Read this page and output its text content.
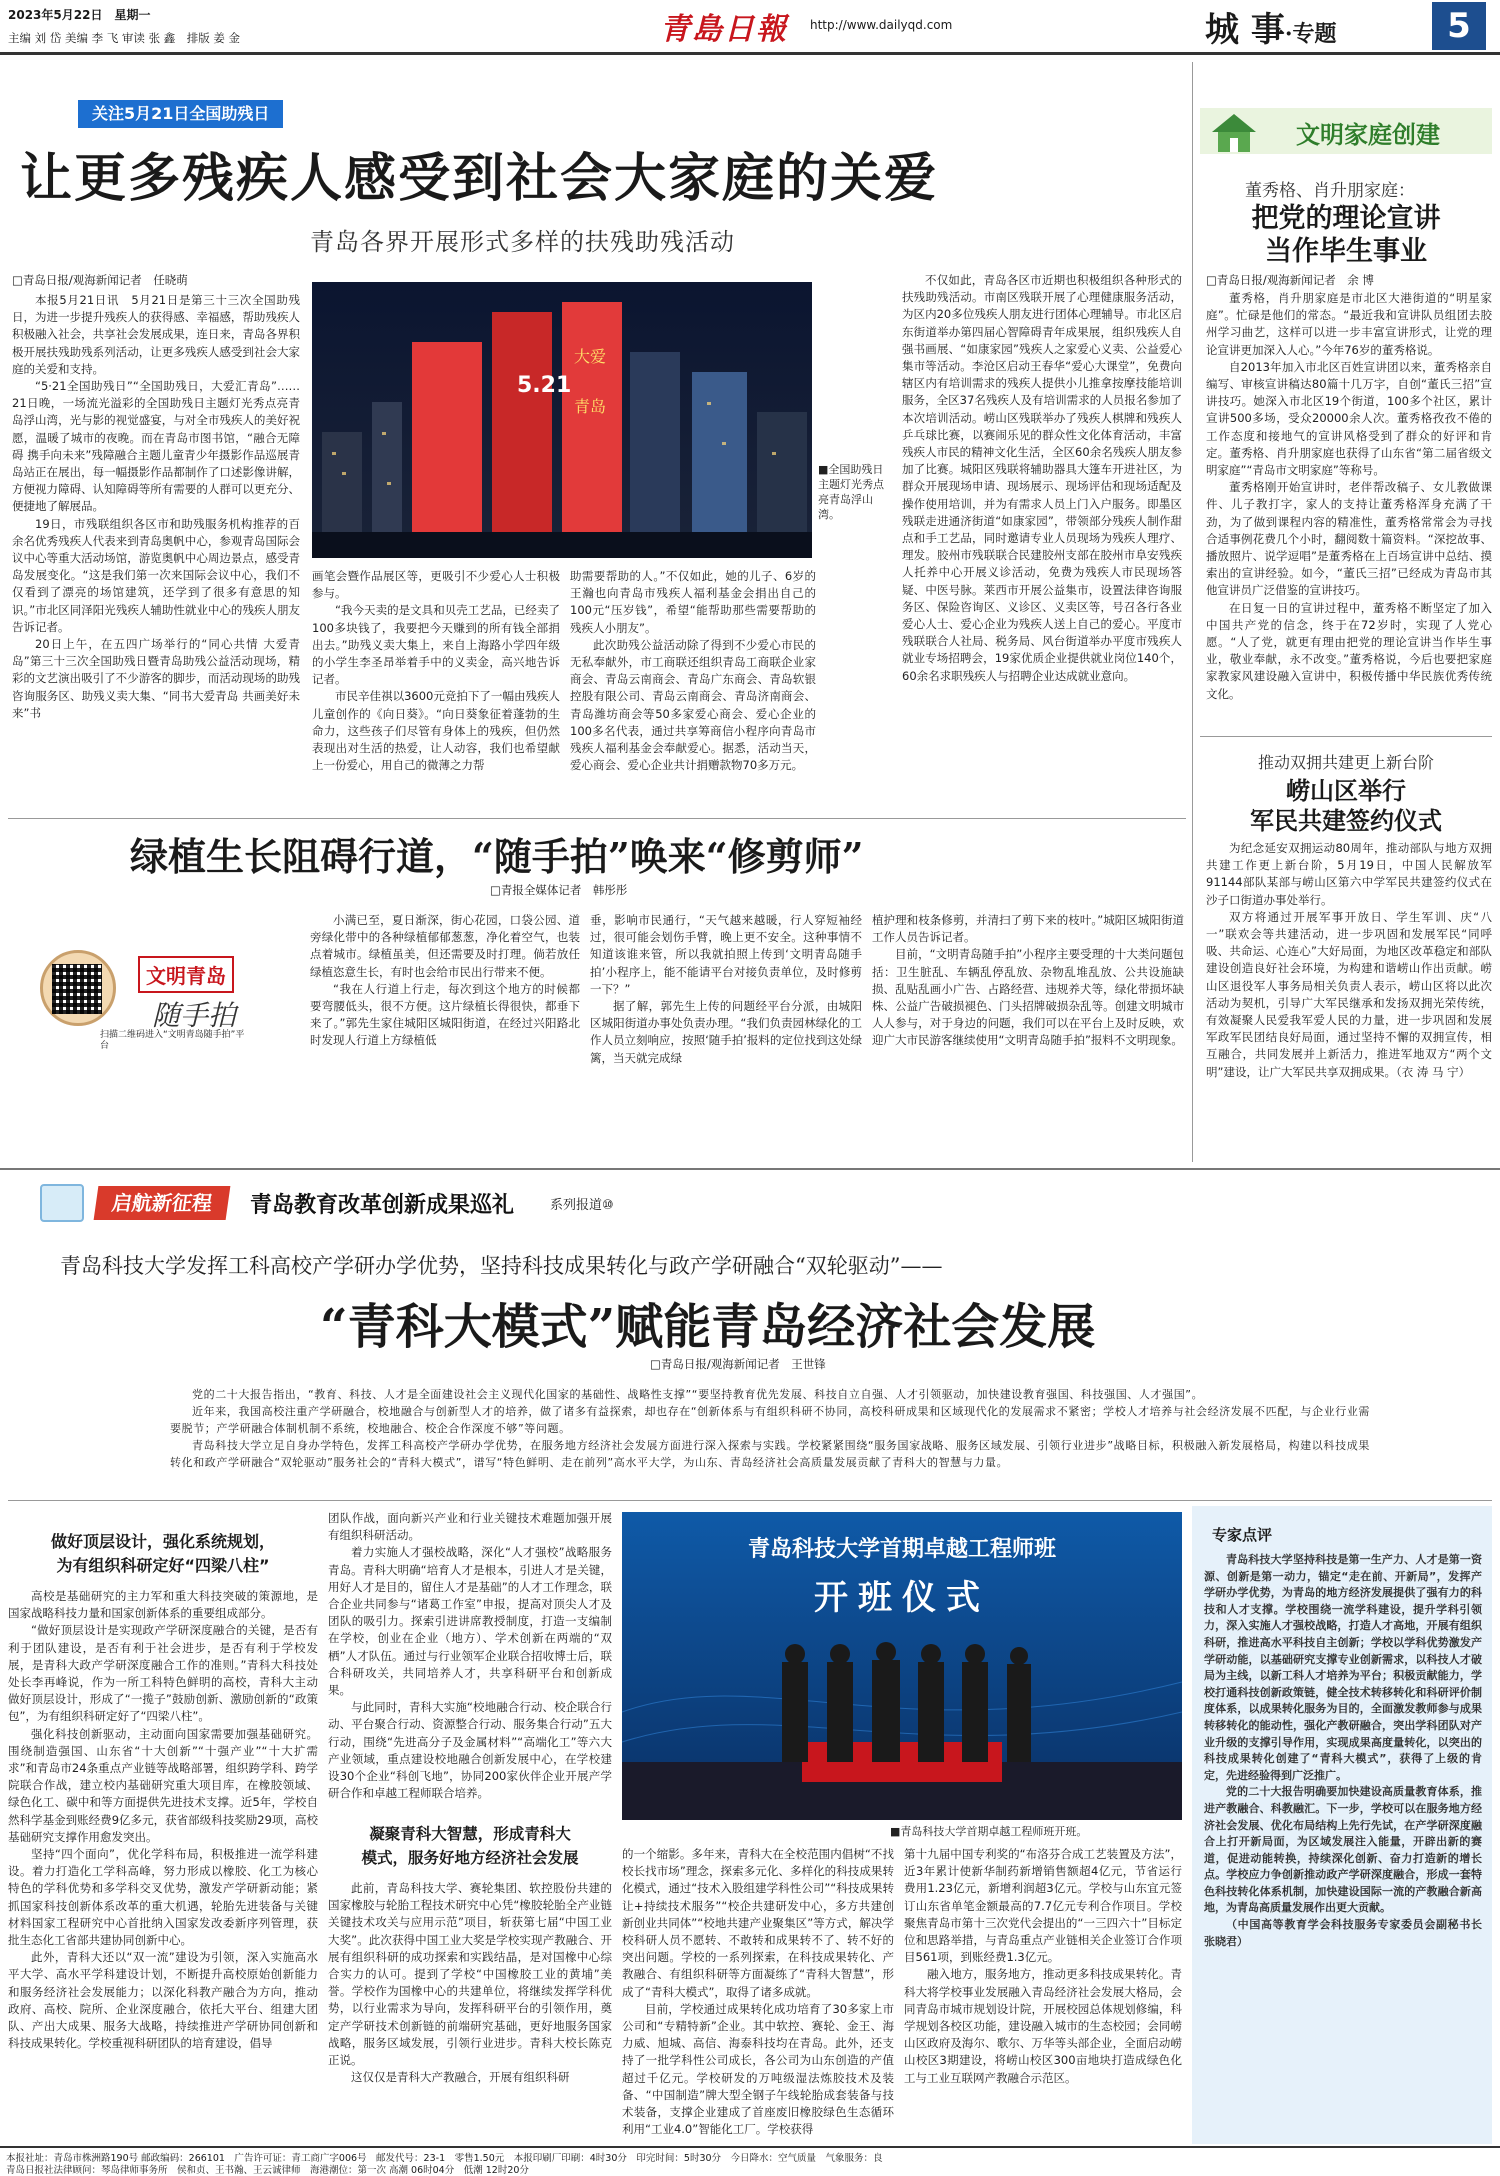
2023年5月22日　星期一
主编 刘 岱 美编 李 飞 审读 张 鑫　排版 姜 金	青島日報 http://www.dailyqd.com	城 事·专题	5
关注5月21日全国助残日
让更多残疾人感受到社会大家庭的关爱
青岛各界开展形式多样的扶残助残活动
□青岛日报/观海新闻记者　任晓萌

本报5月21日讯　5月21日是第三十三次全国助残日，为进一步提升残疾人的获得感、幸福感，帮助残疾人积极融入社会，共享社会发展成果，连日来，青岛各界积极开展扶残助残系列活动，让更多残疾人感受到社会大家庭的关爱和支持。

“5·21全国助残日”“全国助残日，大爱汇青岛”……21日晚，一场流光溢彩的全国助残日主题灯光秀点亮青岛浮山湾，光与影的视觉盛宴，与对全市残疾人的美好祝愿，温暖了城市的夜晚。而在青岛市图书馆，“融合无障碍 携手向未来”残障融合主题儿童青少年摄影作品巡展青岛站正在展出，每一幅摄影作品都制作了口述影像讲解，方便视力障碍、认知障碍等所有需要的人群可以更充分、便捷地了解展品。

19日，市残联组织各区市和助残服务机构推荐的百余名优秀残疾人代表来到青岛奥帆中心，参观青岛国际会议中心等重大活动场馆，游览奥帆中心周边景点，感受青岛发展变化。“这是我们第一次来国际会议中心，我们不仅看到了漂亮的场馆建筑，还学到了很多有意思的知识。”市北区同泽阳光残疾人辅助性就业中心的残疾人朋友告诉记者。

20日上午，在五四广场举行的“同心共情 大爱青岛”第三十三次全国助残日暨青岛助残公益活动现场，精彩的文艺演出吸引了不少游客的脚步，而活动现场的助残咨询服务区、助残义卖大集、“同书大爱青岛 共画美好未来”书

5.21
大爱
青岛
■全国助残日主题灯光秀点亮青岛浮山湾。

画笔会暨作品展区等，更吸引不少爱心人士积极参与。

“我今天卖的是文具和贝壳工艺品，已经卖了100多块钱了，我要把今天赚到的所有钱全部捐出去。”助残义卖大集上，来自上海路小学四年级的小学生李圣昂举着手中的义卖金，高兴地告诉记者。

市民辛佳祺以3600元竞拍下了一幅由残疾人儿童创作的《向日葵》。“向日葵象征着蓬勃的生命力，这些孩子们尽管有身体上的残疾，但仍然表现出对生活的热爱，让人动容，我们也希望献上一份爱心，用自己的微薄之力帮

助需要帮助的人。”不仅如此，她的儿子、6岁的王瀚也向青岛市残疾人福利基金会捐出自己的100元“压岁钱”，希望“能帮助那些需要帮助的残疾人小朋友”。

此次助残公益活动除了得到不少爱心市民的无私奉献外，市工商联还组织青岛工商联企业家商会、青岛云南商会、青岛广东商会、青岛软银控股有限公司、青岛云南商会、青岛济南商会、青岛潍坊商会等50多家爱心商会、爱心企业的100多名代表，通过共享筹商信小程序向青岛市残疾人福利基金会奉献爱心。据悉，活动当天，爱心商会、爱心企业共计捐赠款物70多万元。

不仅如此，青岛各区市近期也积极组织各种形式的扶残助残活动。市南区残联开展了心理健康服务活动，为区内20多位残疾人朋友进行团体心理辅导。市北区启东街道举办第四届心智障碍青年成果展，组织残疾人自强书画展、“如康家园”残疾人之家爱心义卖、公益爱心集市等活动。李沧区启动王春华“爱心大课堂”，免费向辖区内有培训需求的残疾人提供小儿推拿按摩技能培训服务，全区37名残疾人及有培训需求的人员报名参加了本次培训活动。崂山区残联举办了残疾人棋牌和残疾人乒乓球比赛，以赛闹乐见的群众性文化体育活动，丰富残疾人市民的精神文化生活，全区60余名残疾人朋友参加了比赛。城阳区残联将辅助器具大篷车开进社区，为群众开展现场申请、现场展示、现场评估和现场适配及操作使用培训，并为有需求人员上门入户服务。即墨区残联走进通济街道“如康家园”，带领部分残疾人制作甜点和手工艺品，同时邀请专业人员现场为残疾人理疗、理发。胶州市残联联合民建胶州支部在胶州市阜安残疾人托养中心开展义诊活动，免费为残疾人市民现场答疑、中医号脉。莱西市开展公益集市，设置法律咨询服务区、保险咨询区、义诊区、义卖区等，号召各行各业爱心人士、爱心企业为残疾人送上自己的爱心。平度市残联联合人社局、税务局、风台街道举办平度市残疾人就业专场招聘会，19家优质企业提供就业岗位140个，60余名求职残疾人与招聘企业达成就业意向。

文明家庭创建
董秀格、肖升朋家庭：
把党的理论宣讲
当作毕生事业
□青岛日报/观海新闻记者　余 博

董秀格，肖升朋家庭是市北区大港街道的“明星家庭”。忙碌是他们的常态。“最近我和宣讲队员组团去胶州学习曲艺，这样可以进一步丰富宣讲形式，让党的理论宣讲更加深入人心。”今年76岁的董秀格说。

自2013年加入市北区百姓宣讲团以来，董秀格亲自编写、审核宣讲稿达80篇十几万字，自创“董氏三招”宣讲技巧。她深入市北区19个街道，100多个社区，累计宣讲500多场，受众20000余人次。董秀格孜孜不倦的工作态度和接地气的宣讲风格受到了群众的好评和肯定。董秀格、肖升朋家庭也获得了山东省“第二届省级文明家庭”“青岛市文明家庭”等称号。

董秀格刚开始宣讲时，老伴帮改稿子、女儿教做课件、儿子教打字，家人的支持让董秀格浑身充满了干劲，为了做到课程内容的精准性，董秀格常常会为寻找合适事例花费几个小时，翻阅数十篇资料。“深挖故事、播放照片、说学逗唱”是董秀格在上百场宣讲中总结、摸索出的宣讲经验。如今，“董氏三招”已经成为青岛市其他宣讲员广泛借鉴的宣讲技巧。

在日复一日的宣讲过程中，董秀格不断坚定了加入中国共产党的信念，终于在72岁时，实现了人党心愿。“人了党，就更有理由把党的理论宣讲当作毕生事业，敬业奉献，永不改变。”董秀格说，今后也要把家庭家教家风建设融入宣讲中，积极传播中华民族优秀传统文化。

推动双拥共建更上新台阶
崂山区举行
军民共建签约仪式

为纪念延安双拥运动80周年，推动部队与地方双拥共建工作更上新台阶，5月19日，中国人民解放军91144部队某部与崂山区第六中学军民共建签约仪式在沙子口街道办事处举行。

双方将通过开展军事开放日、学生军训、庆“八一”联欢会等共建活动，进一步巩固和发展军民“同呼吸、共命运、心连心”大好局面，为地区改革稳定和部队建设创造良好社会环境，为构建和谐崂山作出贡献。崂山区退役军人事务局相关负责人表示，崂山区将以此次活动为契机，引导广大军民继承和发扬双拥光荣传统，有效凝聚人民爱我军爱人民的力量，进一步巩固和发展军政军民团结良好局面，通过坚持不懈的双拥宣传，相互融合，共同发展并上新活力，推进军地双方“两个文明”建设，让广大军民共享双拥成果。（衣 涛 马 宁）

绿植生长阻碍行道，“随手拍”唤来“修剪师”
□青报全媒体记者　韩彤彤
文明青岛
随手拍
扫描二维码进入“文明青岛随手拍”平台

小满已至，夏日渐深，街心花园，口袋公园、道旁绿化带中的各种绿植郁郁葱葱，净化着空气，也装点着城市。绿植虽美，但还需要及时打理。倘若放任绿植恣意生长，有时也会给市民出行带来不便。

“我在人行道上行走，每次到这个地方的时候都要弯腰低头，很不方便。这片绿植长得很快，都垂下来了。”郭先生家住城阳区城阳街道，在经过兴阳路北时发现人行道上方绿植低

垂，影响市民通行，“天气越来越暖，行人穿短袖经过，很可能会划伤手臂，晚上更不安全。这种事情不知道该谁来管，所以我就拍照上传到‘文明青岛随手拍’小程序上，能不能请平台对接负责单位，及时修剪一下？”

据了解，郭先生上传的问题经平台分派，由城阳区城阳街道办事处负责办理。“我们负责园林绿化的工作人员立刻响应，按照‘随手拍’报料的定位找到这处绿篱，当天就完成绿

植护理和枝条修剪，并清扫了剪下来的枝叶。”城阳区城阳街道工作人员告诉记者。

目前，“文明青岛随手拍”小程序主要受理的十大类问题包括：卫生脏乱、车辆乱停乱放、杂物乱堆乱放、公共设施缺损、乱贴乱画小广告、占路经营、违规养犬等，绿化带损坏缺株、公益广告破损褪色、门头招牌破损杂乱等。创建文明城市人人参与，对于身边的问题，我们可以在平台上及时反映，欢迎广大市民游客继续使用“文明青岛随手拍”报料不文明现象。

启航新征程	青岛教育改革创新成果巡礼	系列报道⑩
青岛科技大学发挥工科高校产学研办学优势，坚持科技成果转化与政产学研融合“双轮驱动”——
“青科大模式”赋能青岛经济社会发展
□青岛日报/观海新闻记者　王世锋

党的二十大报告指出，“教育、科技、人才是全面建设社会主义现代化国家的基础性、战略性支撑”“要坚持教育优先发展、科技自立自强、人才引领驱动，加快建设教育强国、科技强国、人才强国”。

近年来，我国高校注重产学研融合，校地融合与创新型人才的培养，做了诸多有益探索，却也存在“创新体系与有组织科研不协同，高校科研成果和区域现代化的发展需求不紧密；学校人才培养与社会经济发展不匹配，与企业行业需要脱节；产学研融合体制机制不系统，校地融合、校企合作深度不够”等问题。

青岛科技大学立足自身办学特色，发挥工科高校产学研办学优势，在服务地方经济社会发展方面进行深入探索与实践。学校紧紧围绕“服务国家战略、服务区域发展、引领行业进步”战略目标，积极融入新发展格局，构建以科技成果转化和政产学研融合“双轮驱动”服务社会的“青科大模式”，谱写“特色鲜明、走在前列”高水平大学，为山东、青岛经济社会高质量发展贡献了青科大的智慧与力量。

做好顶层设计，强化系统规划，
为有组织科研定好“四梁八柱”

高校是基础研究的主力军和重大科技突破的策源地，是国家战略科技力量和国家创新体系的重要组成部分。

“做好顶层设计是实现政产学研深度融合的关键，是否有利于团队建设，是否有利于社会进步，是否有利于学校发展，是青科大政产学研深度融合工作的准则。”青科大科技处处长李再峰说，作为一所工科特色鲜明的高校，青科大主动做好顶层设计，形成了“一揽子”鼓励创新、激励创新的“政策包”，为有组织科研定好了“四梁八柱”。

强化科技创新驱动，主动面向国家需要加强基础研究。围绕制造强国、山东省“十大创新”“十强产业”“十大扩需求”和青岛市24条重点产业链等战略部署，组织跨学科、跨学院联合作战，建立校内基础研究重大项目库，在橡胶领域、绿色化工、碳中和等方面提供先进技术支撑。近5年，学校自然科学基金到账经费9亿多元，获省部级科技奖励29项，高校基础研究支撑作用愈发突出。

坚持“四个面向”，优化学科布局，积极推进一流学科建设。着力打造化工学科高峰，努力形成以橡胶、化工为核心特色的学科优势和多学科交叉优势，激发产学研新动能；紧抓国家科技创新体系改革的重大机遇，轮胎先进装备与关键材料国家工程研究中心首批纳入国家发改委新序列管理，获批生态化工省部共建协同创新中心。

此外，青科大还以“双一流”建设为引领，深入实施高水平大学、高水平学科建设计划，不断提升高校原始创新能力和服务经济社会发展能力；以深化科教产融合为方向，推动政府、高校、院所、企业深度融合，依托大平台、组建大团队、产出大成果、服务大战略，持续推进产学研协同创新和科技成果转化。学校重视科研团队的培育建设，倡导

团队作战，面向新兴产业和行业关键技术难题加强开展有组织科研活动。

着力实施人才强校战略，深化“人才强校”战略服务青岛。青科大明确“培育人才是根本，引进人才是关键，用好人才是目的，留住人才是基础”的人才工作理念，联合企业共同参与“诸葛工作室”申报，提高对顶尖人才及团队的吸引力。探索引进讲席教授制度，打造一支编制在学校，创业在企业（地方）、学术创新在两端的“双栖”人才队伍。通过与行业领军企业联合招收博士后，联合科研攻关，共同培养人才，共享科研平台和创新成果。

与此同时，青科大实施“校地融合行动、校企联合行动、平台聚合行动、资源整合行动、服务集合行动”五大行动，围绕“先进高分子及金属材料”“高端化工”等六大产业领域，重点建设校地融合创新发展中心，在学校建设30个企业“科创飞地”，协同200家伙伴企业开展产学研合作和卓越工程师联合培养。

凝聚青科大智慧，形成青科大
模式，服务好地方经济社会发展

此前，青岛科技大学、赛轮集团、软控股份共建的国家橡胶与轮胎工程技术研究中心凭“橡胶轮胎全产业链关键技术攻关与应用示范”项目，斩获第七届“中国工业大奖”。此次获得中国工业大奖是学校实现产教融合、开展有组织科研的成功探索和实践结晶，是对国橡中心综合实力的认可。提到了学校“中国橡胶工业的黄埔”美誉。学校作为国橡中心的共建单位，将继续发挥学科优势，以行业需求为导向，发挥科研平台的引领作用，奠定产学研技术创新链的前端研究基础，更好地服务国家战略，服务区域发展，引领行业进步。青科大校长陈克正说。

这仅仅是青科大产教融合，开展有组织科研

青岛科技大学首期卓越工程师班
开班仪式
■青岛科技大学首期卓越工程师班开班。

的一个缩影。多年来，青科大在全校范围内倡树“不找校长找市场”理念，探索多元化、多样化的科技成果转化模式，通过“技术入股组建学科性公司”“科技成果转让+持续技术服务”“校企共建研发中心，多方共建创新创业共同体”“校地共建产业聚集区”等方式，解决学校科研人员不愿转、不敢转和成果转不了、转不好的突出问题。学校的一系列探索，在科技成果转化、产教融合、有组织科研等方面凝练了“青科大智慧”，形成了“青科大模式”，取得了诸多成就。

目前，学校通过成果转化成功培育了30多家上市公司和“专精特新”企业。其中软控、赛轮、金王、海力威、旭城、高信、海泰科技均在青岛。此外，还支持了一批学科性公司成长，各公司为山东创造的产值超过千亿元。学校研发的万吨级湿法炼胶技术及装备、“中国制造”牌大型全钢子午线轮胎成套装备与技术装备，支撑企业建成了首座废旧橡胶绿色生态循环利用“工业4.0”智能化工厂。学校获得

第十九届中国专利奖的“布洛芬合成工艺装置及方法”，近3年累计使新华制药新增销售额超4亿元，节省运行费用1.23亿元，新增利润超3亿元。学校与山东宜元签订山东省单笔金额最高的7.7亿元专利合作项目。学校聚焦青岛市第十三次党代会提出的“一三四六十”目标定位和思路举措，与青岛重点产业链相关企业签订合作项目561项，到账经费1.3亿元。

融入地方，服务地方，推动更多科技成果转化。青科大将学校事业发展融入青岛经济社会发展大格局，会同青岛市城市规划设计院，开展校园总体规划修编，科学规划各校区功能，建设融入城市的生态校园；会同崂山区政府及海尔、歌尔、万华等头部企业，全面启动崂山校区3期建设，将崂山校区300亩地块打造成绿色化工与工业互联网产教融合示范区。

专家点评

青岛科技大学坚持科技是第一生产力、人才是第一资源、创新是第一动力，锚定“走在前、开新局”，发挥产学研办学优势，为青岛的地方经济发展提供了强有力的科技和人才支撑。学校围绕一流学科建设，提升学科引领力，深入实施人才强校战略，打造人才高地，开展有组织科研，推进高水平科技自主创新；学校以学科优势激发产学研动能，以基础研究支撑专业创新需求，以科技人才破局为主线，以新工科人才培养为平台；积极贡献能力，学校打通科技创新政策链，健全技术转移转化和科研评价制度体系，以成果转化服务为目的，全面激发教师参与成果转移转化的能动性，强化产教研融合，突出学科团队对产业升级的支撑引导作用，实现成果高度量转化，以突出的科技成果转化创建了“青科大模式”，获得了上级的肯定，先进经验得到广泛推广。

党的二十大报告明确要加快建设高质量教育体系，推进产教融合、科教融汇。下一步，学校可以在服务地方经济社会发展、优化布局结构上先行先试，在产学研深度融合上打开新局面，为区域发展注入能量，开辟出新的赛道，促进动能转换，持续深化创新、奋力打造新的增长点。学校应力争创新推动政产学研深度融合，形成一套特色科技转化体系机制，加快建设国际一流的产教融合新高地，为青岛高质量发展作出更大贡献。

（中国高等教育学会科技服务专家委员会副秘书长　张晓君）

本报社址：青岛市株洲路190号 邮政编码：266101　广告许可证：青工商广字006号　邮发代号：23-1　零售1.50元　本报印刷厂印刷：4时30分　印完时间：5时30分　今日降水：空气质量　气象服务：良
青岛日报社法律顾问：琴岛律师事务所　侯和贞、王书瀚、王云诚律师　海港潮位：第一次 高潮 06时04分　低潮 12时20分
